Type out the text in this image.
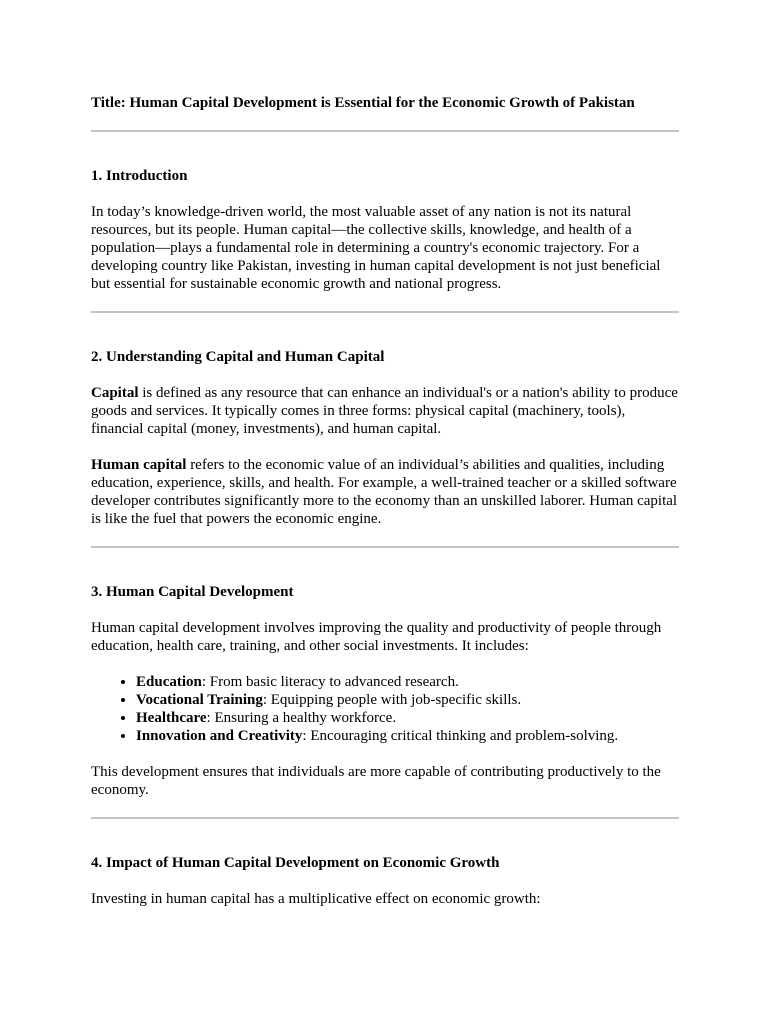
Title: Human Capital Development is Essential for the Economic Growth of Pakistan
1. Introduction

In today’s knowledge-driven world, the most valuable asset of any nation is not its natural resources, but its people. Human capital—the collective skills, knowledge, and health of a population—plays a fundamental role in determining a country's economic trajectory. For a developing country like Pakistan, investing in human capital development is not just beneficial but essential for sustainable economic growth and national progress.

2. Understanding Capital and Human Capital

Capital is defined as any resource that can enhance an individual's or a nation's ability to produce goods and services. It typically comes in three forms: physical capital (machinery, tools), financial capital (money, investments), and human capital.

Human capital refers to the economic value of an individual’s abilities and qualities, including education, experience, skills, and health. For example, a well-trained teacher or a skilled software developer contributes significantly more to the economy than an unskilled laborer. Human capital is like the fuel that powers the economic engine.

3. Human Capital Development

Human capital development involves improving the quality and productivity of people through education, health care, training, and other social investments. It includes:

• Education: From basic literacy to advanced research.
• Vocational Training: Equipping people with job-specific skills.
• Healthcare: Ensuring a healthy workforce.
• Innovation and Creativity: Encouraging critical thinking and problem-solving.

This development ensures that individuals are more capable of contributing productively to the economy.

4. Impact of Human Capital Development on Economic Growth

Investing in human capital has a multiplicative effect on economic growth:
